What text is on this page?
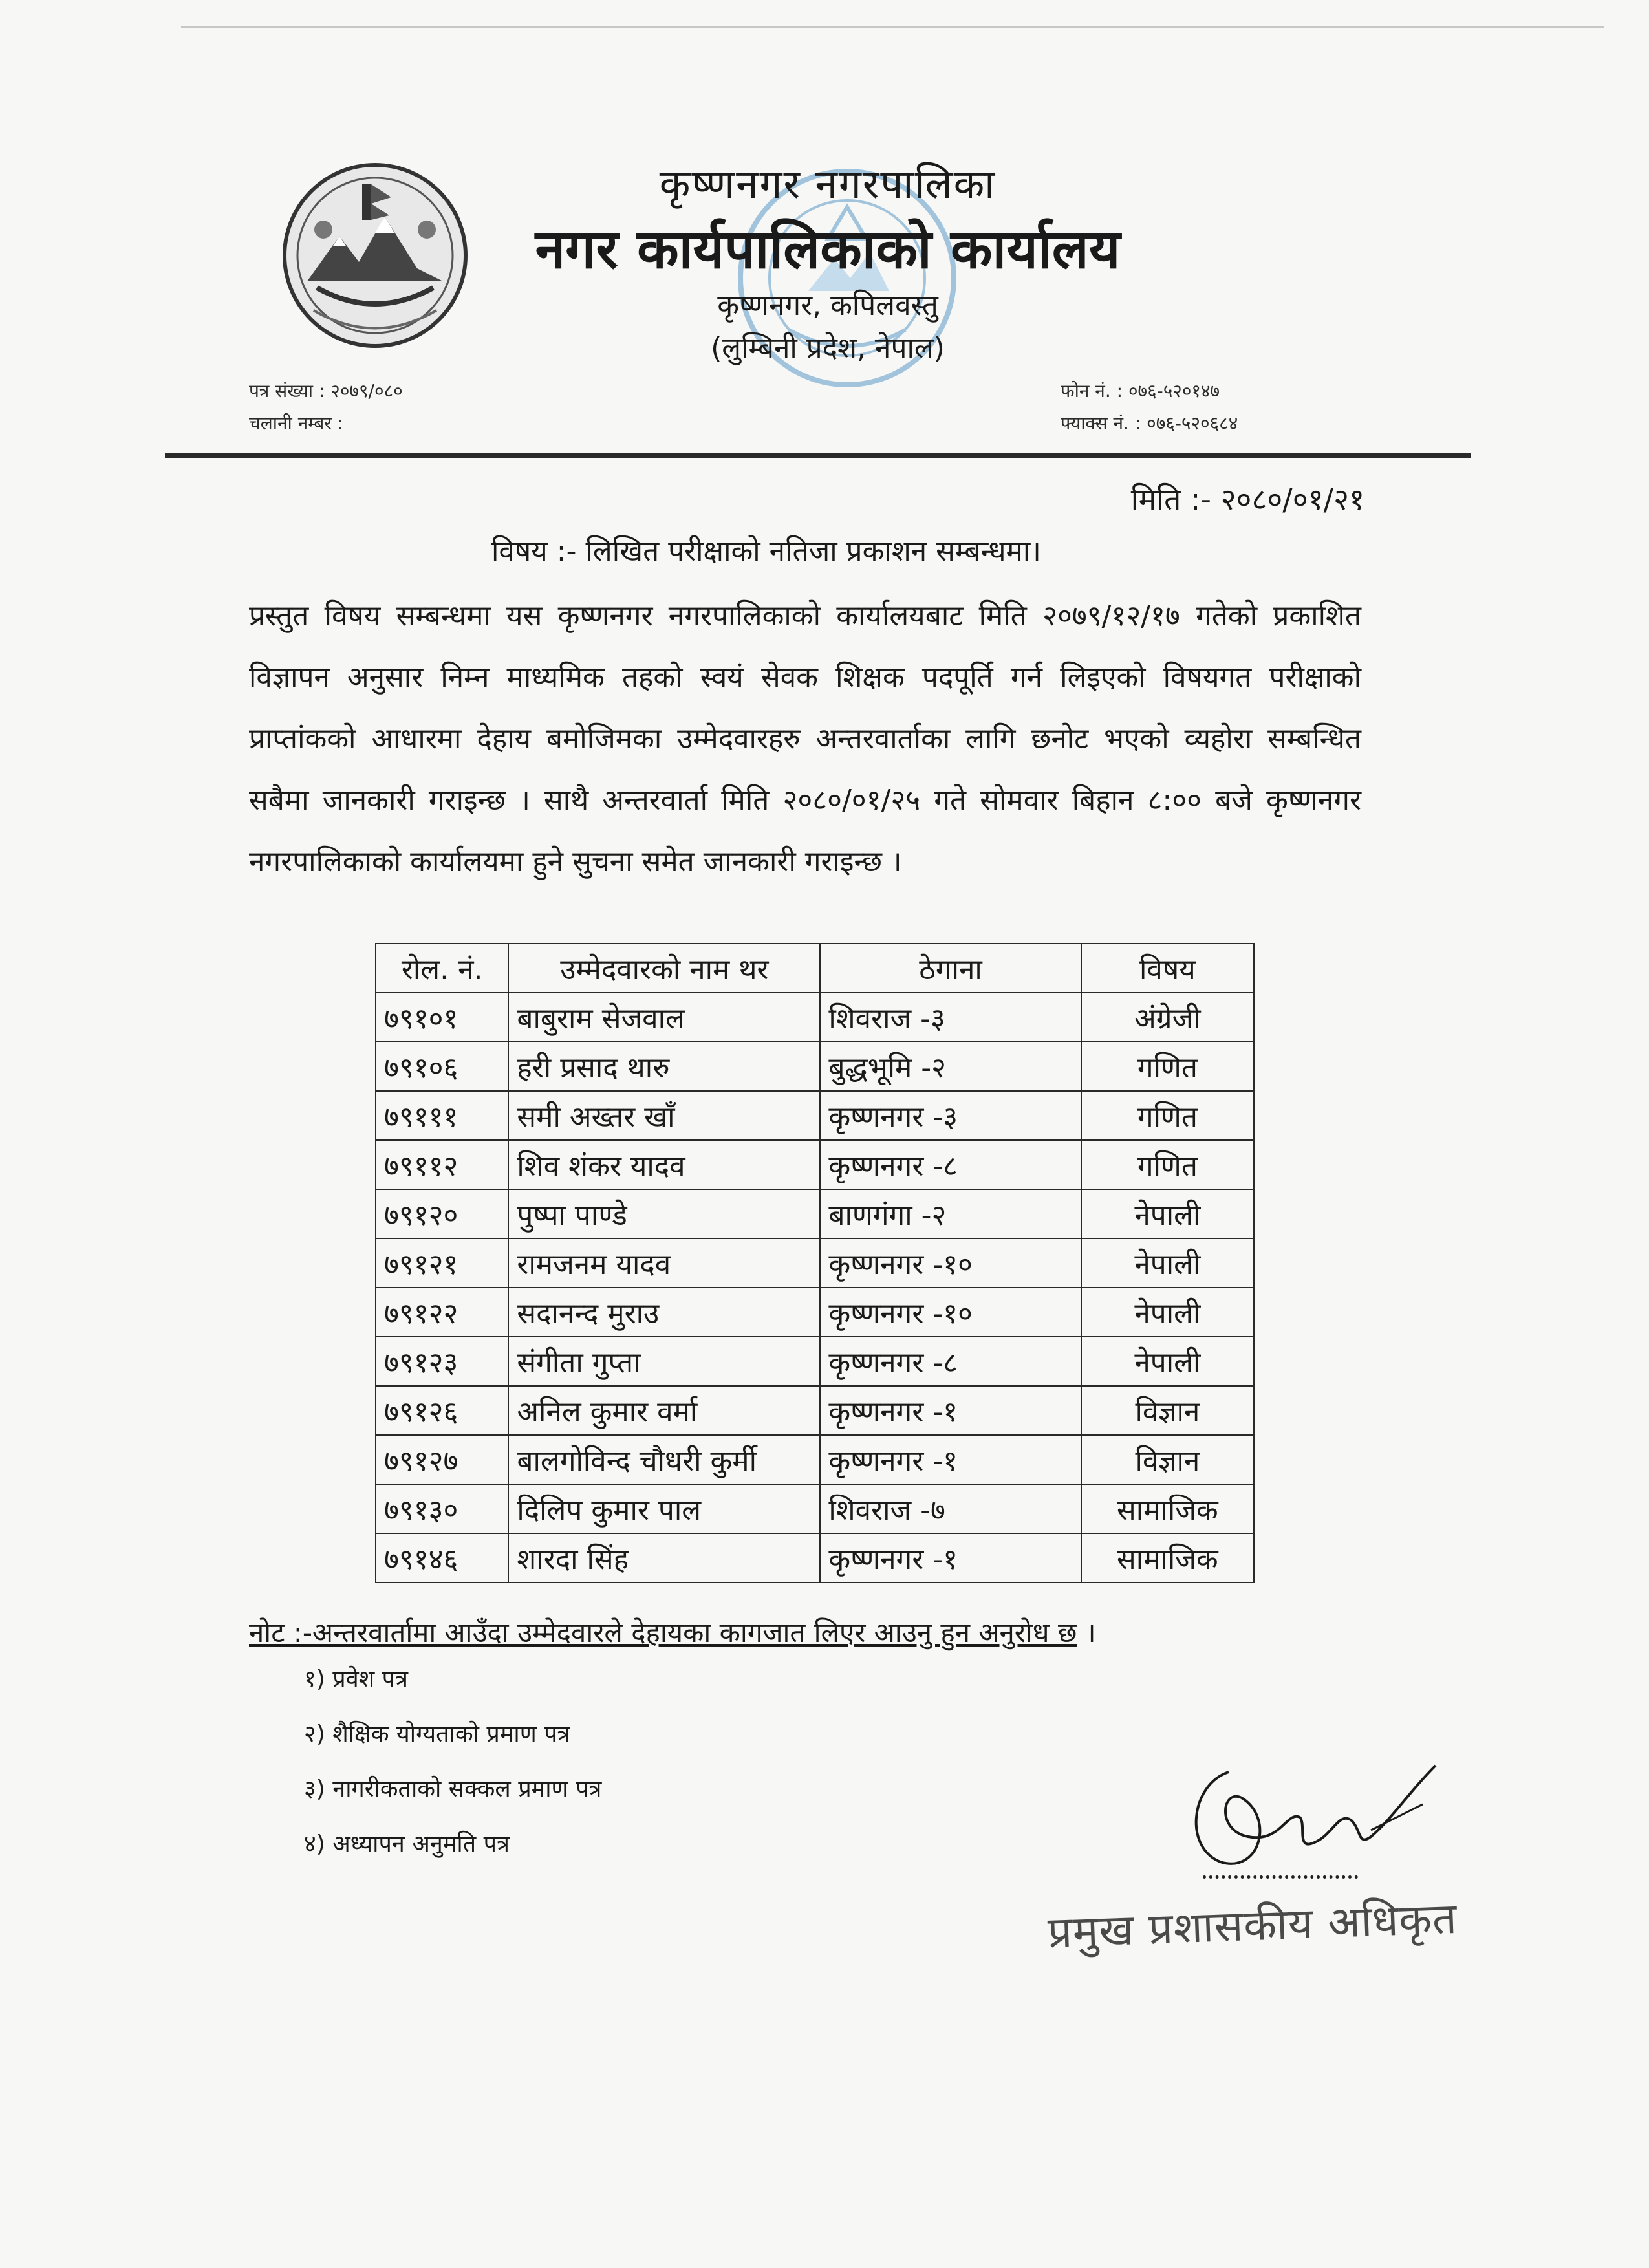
कृष्णनगर नगरपालिका
नगर कार्यपालिकाको कार्यालय
कृष्णनगर, कपिलवस्तु
(लुम्बिनी प्रदेश, नेपाल)
पत्र संख्या : २०७९/०८०
चलानी नम्बर :
फोन नं. : ०७६-५२०१४७
फ्याक्स नं. : ०७६-५२०६८४
मिति :- २०८०/०१/२१
विषय :- लिखित परीक्षाको नतिजा प्रकाशन सम्बन्धमा।
प्रस्तुत विषय सम्बन्धमा यस कृष्णनगर नगरपालिकाको कार्यालयबाट मिति २०७९/१२/१७ गतेको प्रकाशित विज्ञापन अनुसार निम्न माध्यमिक तहको स्वयं सेवक शिक्षक पदपूर्ति गर्न लिइएको विषयगत परीक्षाको प्राप्तांकको आधारमा देहाय बमोजिमका उम्मेदवारहरु अन्तरवार्ताका लागि छनोट भएको व्यहोरा सम्बन्धित सबैमा जानकारी गराइन्छ । साथै अन्तरवार्ता मिति २०८०/०१/२५ गते सोमवार बिहान ८:०० बजे कृष्णनगर नगरपालिकाको कार्यालयमा हुने सुचना समेत जानकारी गराइन्छ ।
रोल. नं.	उम्मेदवारको नाम थर	ठेगाना	विषय
७९१०१	बाबुराम सेजवाल	शिवराज -३	अंग्रेजी
७९१०६	हरी प्रसाद थारु	बुद्धभूमि -२	गणित
७९१११	समी अख्तर खाँ	कृष्णनगर -३	गणित
७९११२	शिव शंकर यादव	कृष्णनगर -८	गणित
७९१२०	पुष्पा पाण्डे	बाणगंगा -२	नेपाली
७९१२१	रामजनम यादव	कृष्णनगर -१०	नेपाली
७९१२२	सदानन्द मुराउ	कृष्णनगर -१०	नेपाली
७९१२३	संगीता गुप्ता	कृष्णनगर -८	नेपाली
७९१२६	अनिल कुमार वर्मा	कृष्णनगर -१	विज्ञान
७९१२७	बालगोविन्द चौधरी कुर्मी	कृष्णनगर -१	विज्ञान
७९१३०	दिलिप कुमार पाल	शिवराज -७	सामाजिक
७९१४६	शारदा सिंह	कृष्णनगर -१	सामाजिक
नोट :-अन्तरवार्तामा आउँदा उम्मेदवारले देहायका कागजात लिएर आउनु हुन अनुरोध छ ।
१) प्रवेश पत्र
२) शैक्षिक योग्यताको प्रमाण पत्र
३) नागरीकताको सक्कल प्रमाण पत्र
४) अध्यापन अनुमति पत्र
प्रमुख प्रशासकीय अधिकृत
